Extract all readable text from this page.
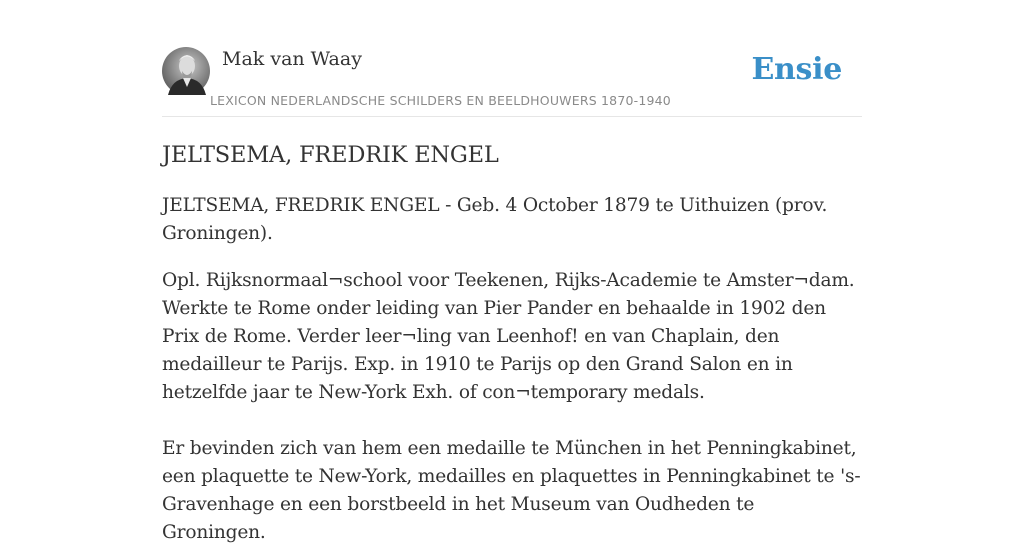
Mak van Waay
LEXICON NEDERLANDSCHE SCHILDERS EN BEELDHOUWERS 1870-1940
Ensie
JELTSEMA, FREDRIK ENGEL

JELTSEMA, FREDRIK ENGEL - Geb. 4 October 1879 te Uithuizen (prov. Groningen).

Opl. Rijksnormaal¬school voor Teekenen, Rijks-Academie te Amster¬dam. Werkte te Rome onder leiding van Pier Pander en behaalde in 1902 den Prix de Rome. Verder leer¬ling van Leenhof! en van Chaplain, den medailleur te Parijs. Exp. in 1910 te Parijs op den Grand Salon en in hetzelfde jaar te New-York Exh. of con¬temporary medals.

Er bevinden zich van hem een medaille te München in het Penningkabinet, een plaquette te New-York, medailles en plaquettes in Penningkabinet te 's-Gravenhage en een borstbeeld in het Museum van Oudheden te Groningen.
